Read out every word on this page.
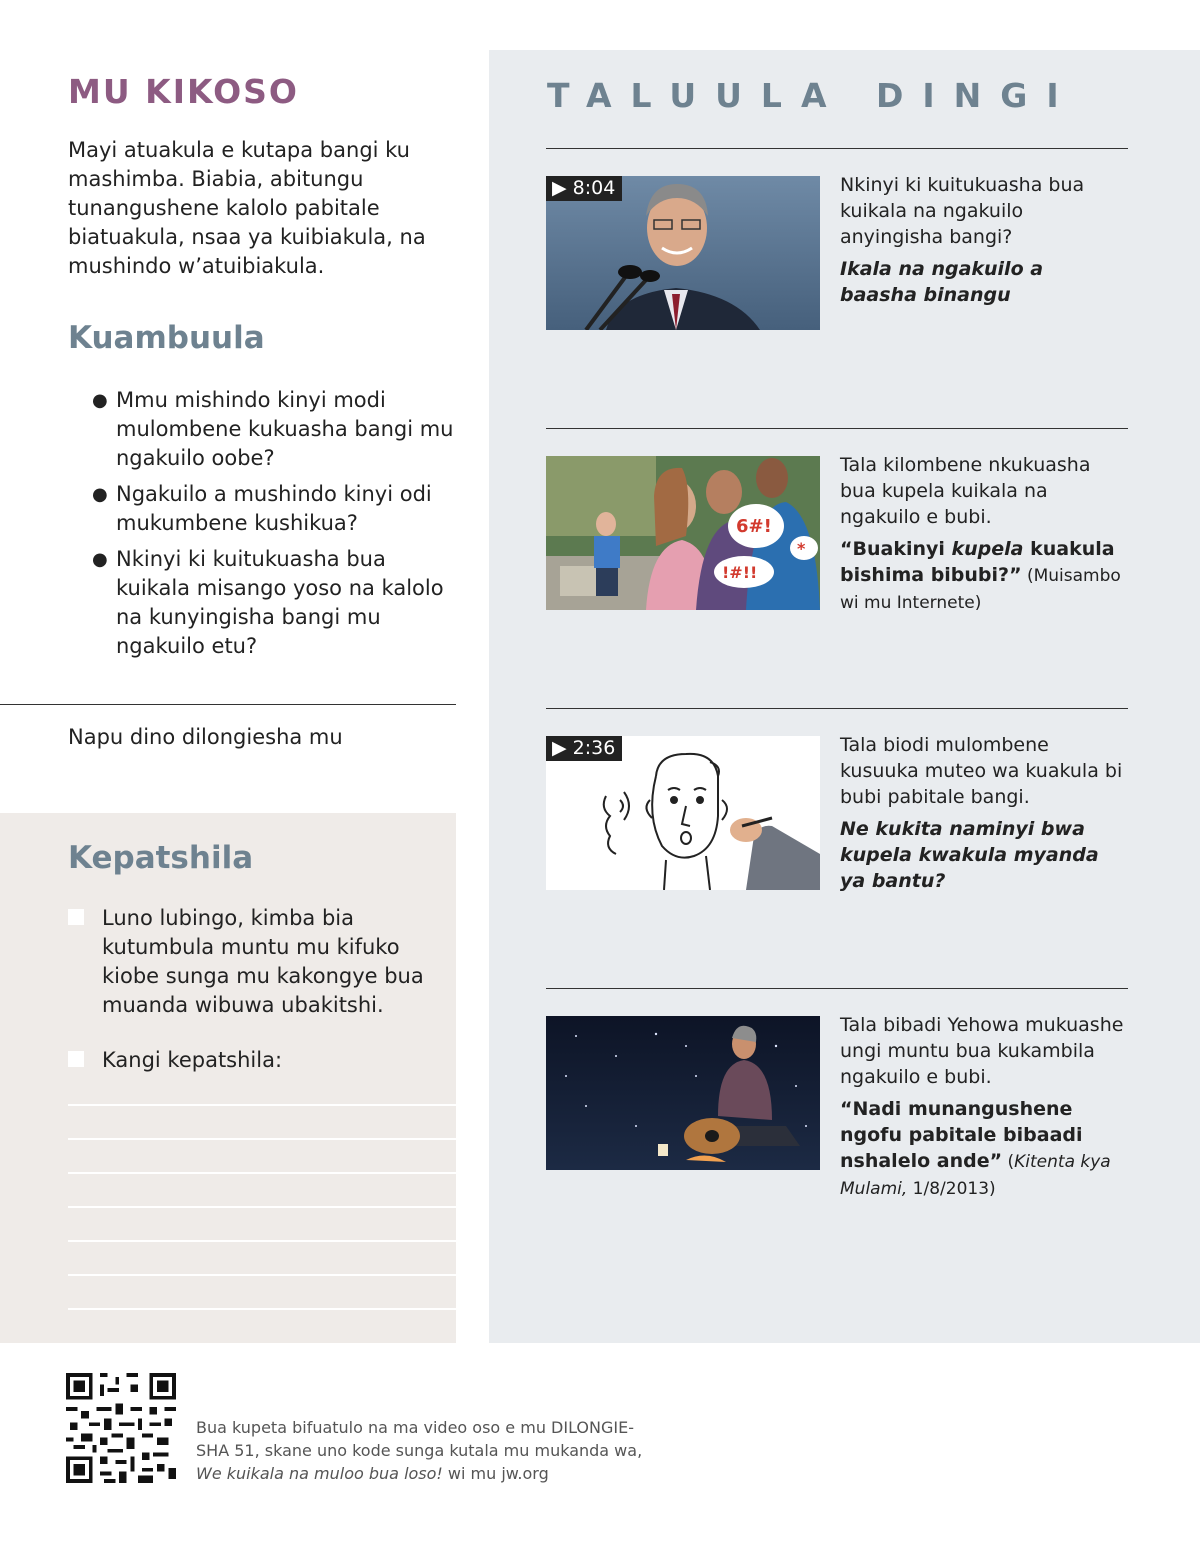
MU KIKOSO

Mayi atuakula e kutapa bangi ku mashimba. Biabia, abitungu tunangushene kalolo pabitale biatuakula, nsaa ya kuibiakula, na mushindo w’atuibiakula.

Kuambuula
● Mmu mishindo kinyi modi mulombene kukuasha bangi mu ngakuilo oobe?
● Ngakuilo a mushindo kinyi odi mukumbene kushikua?
● Nkinyi ki kuitukuasha bua kuikala misango yoso na kalolo na kunyingisha bangi mu ngakuilo etu?
Napu dino dilongiesha mu
Kepatshila
Luno lubingo, kimba bia kutumbula muntu mu kifuko kiobe sunga mu kakongye bua muanda wibuwa ubakitshi.
Kangi kepatshila:
TALUULA DINGI
▶ 8:04	Nkinyi ki kuitukuasha bua kuikala na ngakuilo anyingisha bangi?
Ikala na ngakuilo a baasha binangu
6#!
!#!!
*
Tala kilombene nkukuasha bua kupela kuikala na ngakuilo e bubi.
“Buakinyi kupela kuakula bishima bibubi?” (Muisambo wi mu Internete)
▶ 2:36	Tala biodi mulombene kusuuka muteo wa kuakula bi bubi pabitale bangi.
Ne kukita naminyi bwa kupela kwakula myanda ya bantu?
Tala bibadi Yehowa mukuashe ungi muntu bua kukambila ngakuilo e bubi.
“Nadi munangushene ngofu pabitale bibaadi nshalelo ande” (Kitenta kya Mulami, 1/8/2013)
Bua kupeta bifuatulo na ma video oso e mu DILONGIE-
SHA 51, skane uno kode sunga kutala mu mukanda wa,
We kuikala na muloo bua loso! wi mu jw.org
